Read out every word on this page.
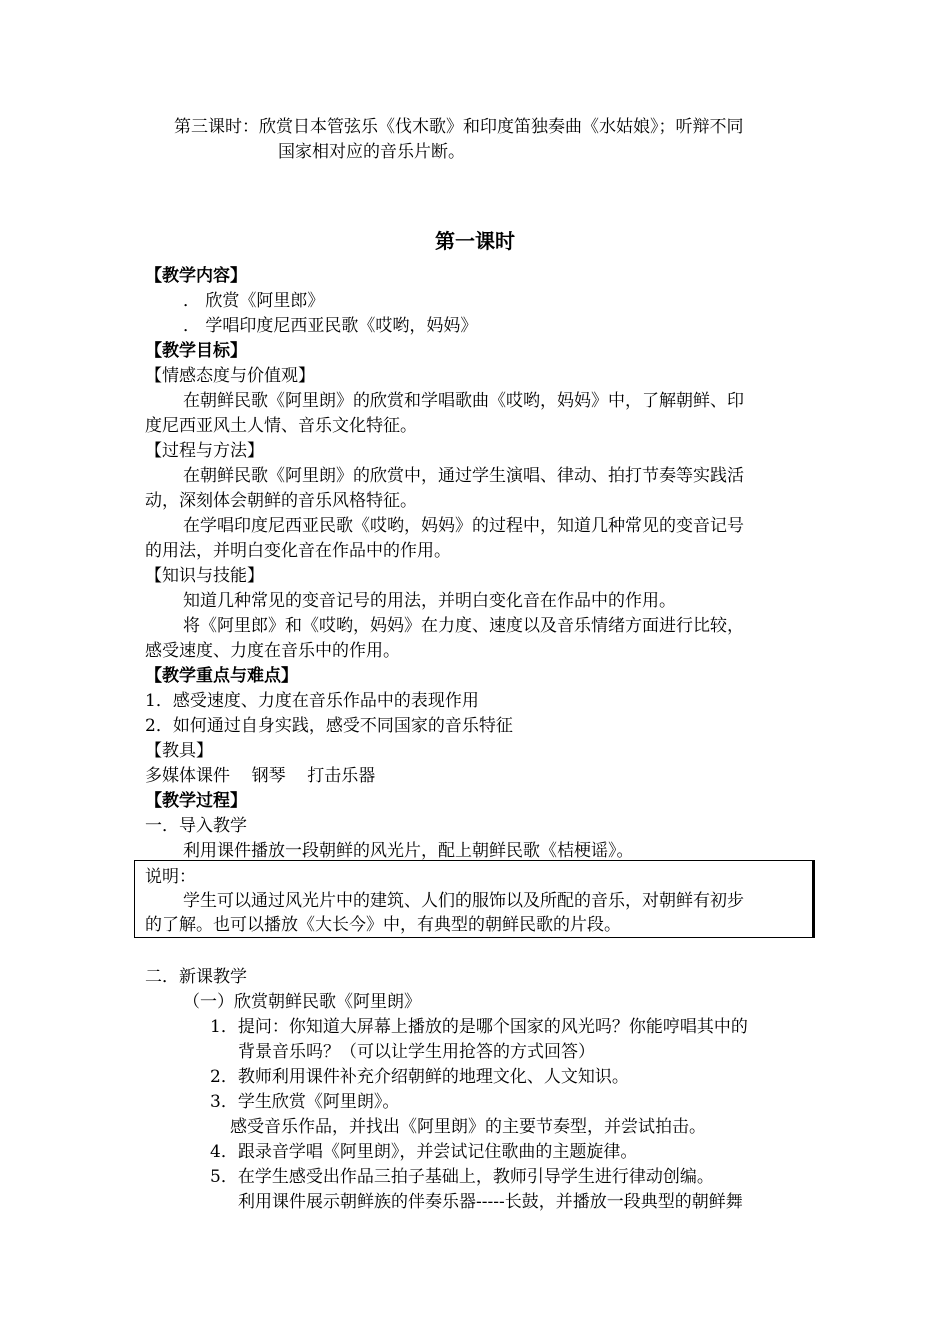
第三课时：欣赏日本管弦乐《伐木歌》和印度笛独奏曲《水姑娘》；听辩不同
国家相对应的音乐片断。
第一课时
【教学内容】
． 欣赏《阿里郎》
． 学唱印度尼西亚民歌《哎哟，妈妈》
【教学目标】
【情感态度与价值观】
在朝鲜民歌《阿里朗》的欣赏和学唱歌曲《哎哟，妈妈》中，了解朝鲜、印
度尼西亚风土人情、音乐文化特征。
【过程与方法】
在朝鲜民歌《阿里朗》的欣赏中，通过学生演唱、律动、拍打节奏等实践活
动，深刻体会朝鲜的音乐风格特征。
在学唱印度尼西亚民歌《哎哟，妈妈》的过程中，知道几种常见的变音记号
的用法，并明白变化音在作品中的作用。
【知识与技能】
知道几种常见的变音记号的用法，并明白变化音在作品中的作用。
将《阿里郎》和《哎哟，妈妈》在力度、速度以及音乐情绪方面进行比较，
感受速度、力度在音乐中的作用。
【教学重点与难点】
1．感受速度、力度在音乐作品中的表现作用
2．如何通过自身实践，感受不同国家的音乐特征
【教具】
多媒体课件    钢琴    打击乐器
【教学过程】
一．导入教学
利用课件播放一段朝鲜的风光片，配上朝鲜民歌《桔梗谣》。
说明：
学生可以通过风光片中的建筑、人们的服饰以及所配的音乐，对朝鲜有初步
的了解。也可以播放《大长今》中，有典型的朝鲜民歌的片段。
二．新课教学
（一）欣赏朝鲜民歌《阿里朗》
1．提问：你知道大屏幕上播放的是哪个国家的风光吗？你能哼唱其中的
背景音乐吗？（可以让学生用抢答的方式回答）
2．教师利用课件补充介绍朝鲜的地理文化、人文知识。
3．学生欣赏《阿里朗》。
感受音乐作品，并找出《阿里朗》的主要节奏型，并尝试拍击。
4．跟录音学唱《阿里朗》，并尝试记住歌曲的主题旋律。
5．在学生感受出作品三拍子基础上，教师引导学生进行律动创编。
利用课件展示朝鲜族的伴奏乐器-----长鼓，并播放一段典型的朝鲜舞
